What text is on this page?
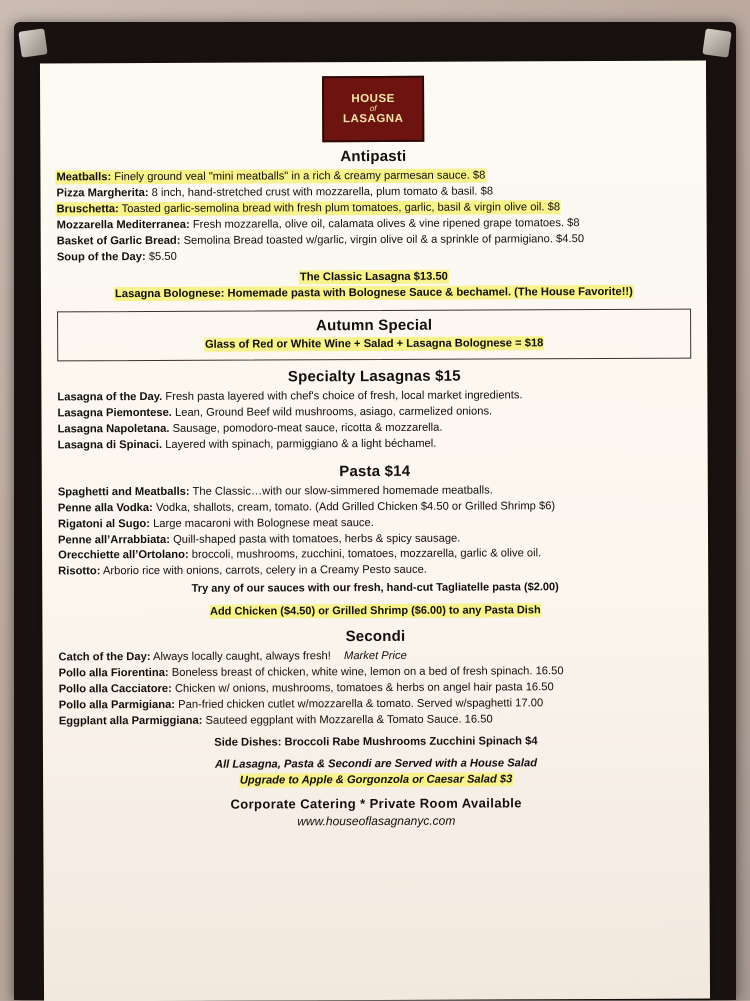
HOUSE
of
LASAGNA
Antipasti

Meatballs: Finely ground veal "mini meatballs" in a rich & creamy parmesan sauce. $8

Pizza Margherita: 8 inch, hand-stretched crust with mozzarella, plum tomato & basil. $8

Bruschetta: Toasted garlic-semolina bread with fresh plum tomatoes, garlic, basil & virgin olive oil. $8

Mozzarella Mediterranea: Fresh mozzarella, olive oil, calamata olives & vine ripened grape tomatoes. $8

Basket of Garlic Bread: Semolina Bread toasted w/garlic, virgin olive oil & a sprinkle of parmigiano. $4.50

Soup of the Day: $5.50

The Classic Lasagna $13.50

Lasagna Bolognese: Homemade pasta with Bolognese Sauce & bechamel. (The House Favorite!!)

Autumn Special

Glass of Red or White Wine + Salad + Lasagna Bolognese = $18

Specialty Lasagnas $15

Lasagna of the Day. Fresh pasta layered with chef's choice of fresh, local market ingredients.

Lasagna Piemontese. Lean, Ground Beef wild mushrooms, asiago, carmelized onions.

Lasagna Napoletana. Sausage, pomodoro-meat sauce, ricotta & mozzarella.

Lasagna di Spinaci. Layered with spinach, parmiggiano & a light béchamel.

Pasta $14

Spaghetti and Meatballs: The Classic…with our slow-simmered homemade meatballs.

Penne alla Vodka: Vodka, shallots, cream, tomato. (Add Grilled Chicken $4.50 or Grilled Shrimp $6)

Rigatoni al Sugo: Large macaroni with Bolognese meat sauce.

Penne all’Arrabbiata: Quill-shaped pasta with tomatoes, herbs & spicy sausage.

Orecchiette all’Ortolano: broccoli, mushrooms, zucchini, tomatoes, mozzarella, garlic & olive oil.

Risotto: Arborio rice with onions, carrots, celery in a Creamy Pesto sauce.

Try any of our sauces with our fresh, hand-cut Tagliatelle pasta ($2.00)

Add Chicken ($4.50) or Grilled Shrimp ($6.00) to any Pasta Dish

Secondi

Catch of the Day: Always locally caught, always fresh! Market Price

Pollo alla Fiorentina: Boneless breast of chicken, white wine, lemon on a bed of fresh spinach. 16.50

Pollo alla Cacciatore: Chicken w/ onions, mushrooms, tomatoes & herbs on angel hair pasta 16.50

Pollo alla Parmigiana: Pan-fried chicken cutlet w/mozzarella & tomato. Served w/spaghetti 17.00

Eggplant alla Parmiggiana: Sauteed eggplant with Mozzarella & Tomato Sauce. 16.50

Side Dishes: Broccoli Rabe Mushrooms Zucchini Spinach $4

All Lasagna, Pasta & Secondi are Served with a House Salad

Upgrade to Apple & Gorgonzola or Caesar Salad $3

Corporate Catering * Private Room Available
www.houseoflasagnanyc.com
